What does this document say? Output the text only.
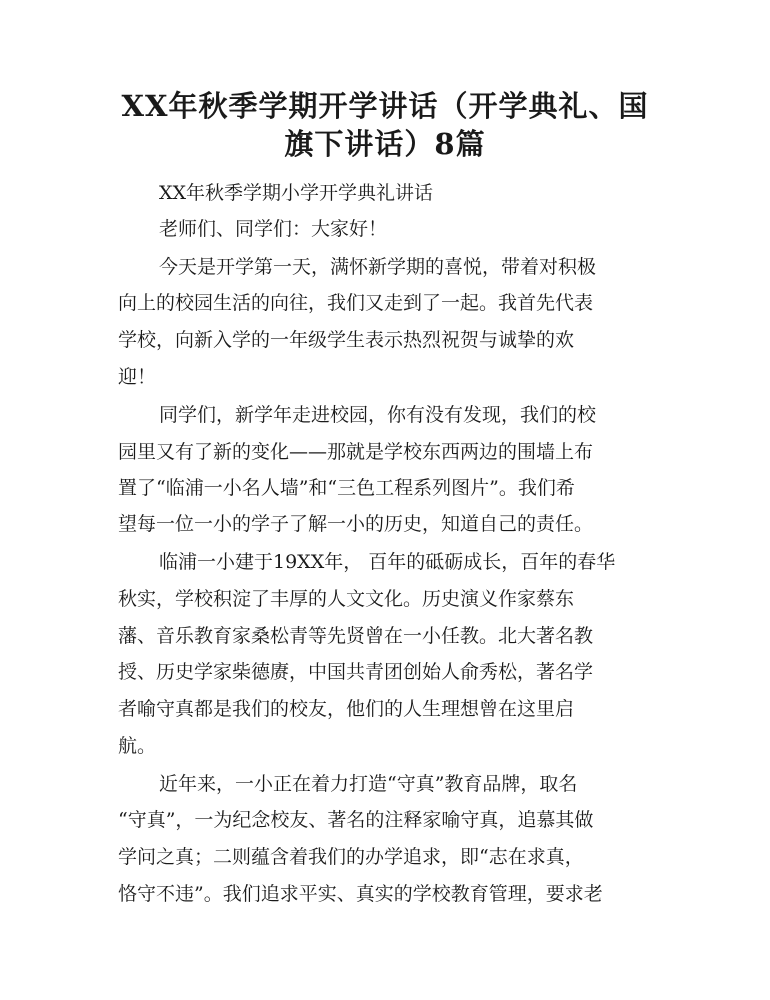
XX年秋季学期开学讲话（开学典礼、国
旗下讲话）8篇
XX年秋季学期小学开学典礼讲话
老师们、同学们：大家好！
今天是开学第一天，满怀新学期的喜悦，带着对积极
向上的校园生活的向往，我们又走到了一起。我首先代表
学校，向新入学的一年级学生表示热烈祝贺与诚挚的欢
迎！
同学们，新学年走进校园，你有没有发现，我们的校
园里又有了新的变化——那就是学校东西两边的围墙上布
置了“临浦一小名人墙”和“三色工程系列图片”。我们希
望每一位一小的学子了解一小的历史，知道自己的责任。
临浦一小建于19XX年， 百年的砥砺成长，百年的春华
秋实，学校积淀了丰厚的人文文化。历史演义作家蔡东
藩、音乐教育家桑松青等先贤曾在一小任教。北大著名教
授、历史学家柴德赓，中国共青团创始人俞秀松，著名学
者喻守真都是我们的校友，他们的人生理想曾在这里启
航。
近年来，一小正在着力打造“守真”教育品牌，取名
“守真”，一为纪念校友、著名的注释家喻守真，追慕其做
学问之真；二则蕴含着我们的办学追求，即“志在求真，
恪守不违”。我们追求平实、真实的学校教育管理，要求老
